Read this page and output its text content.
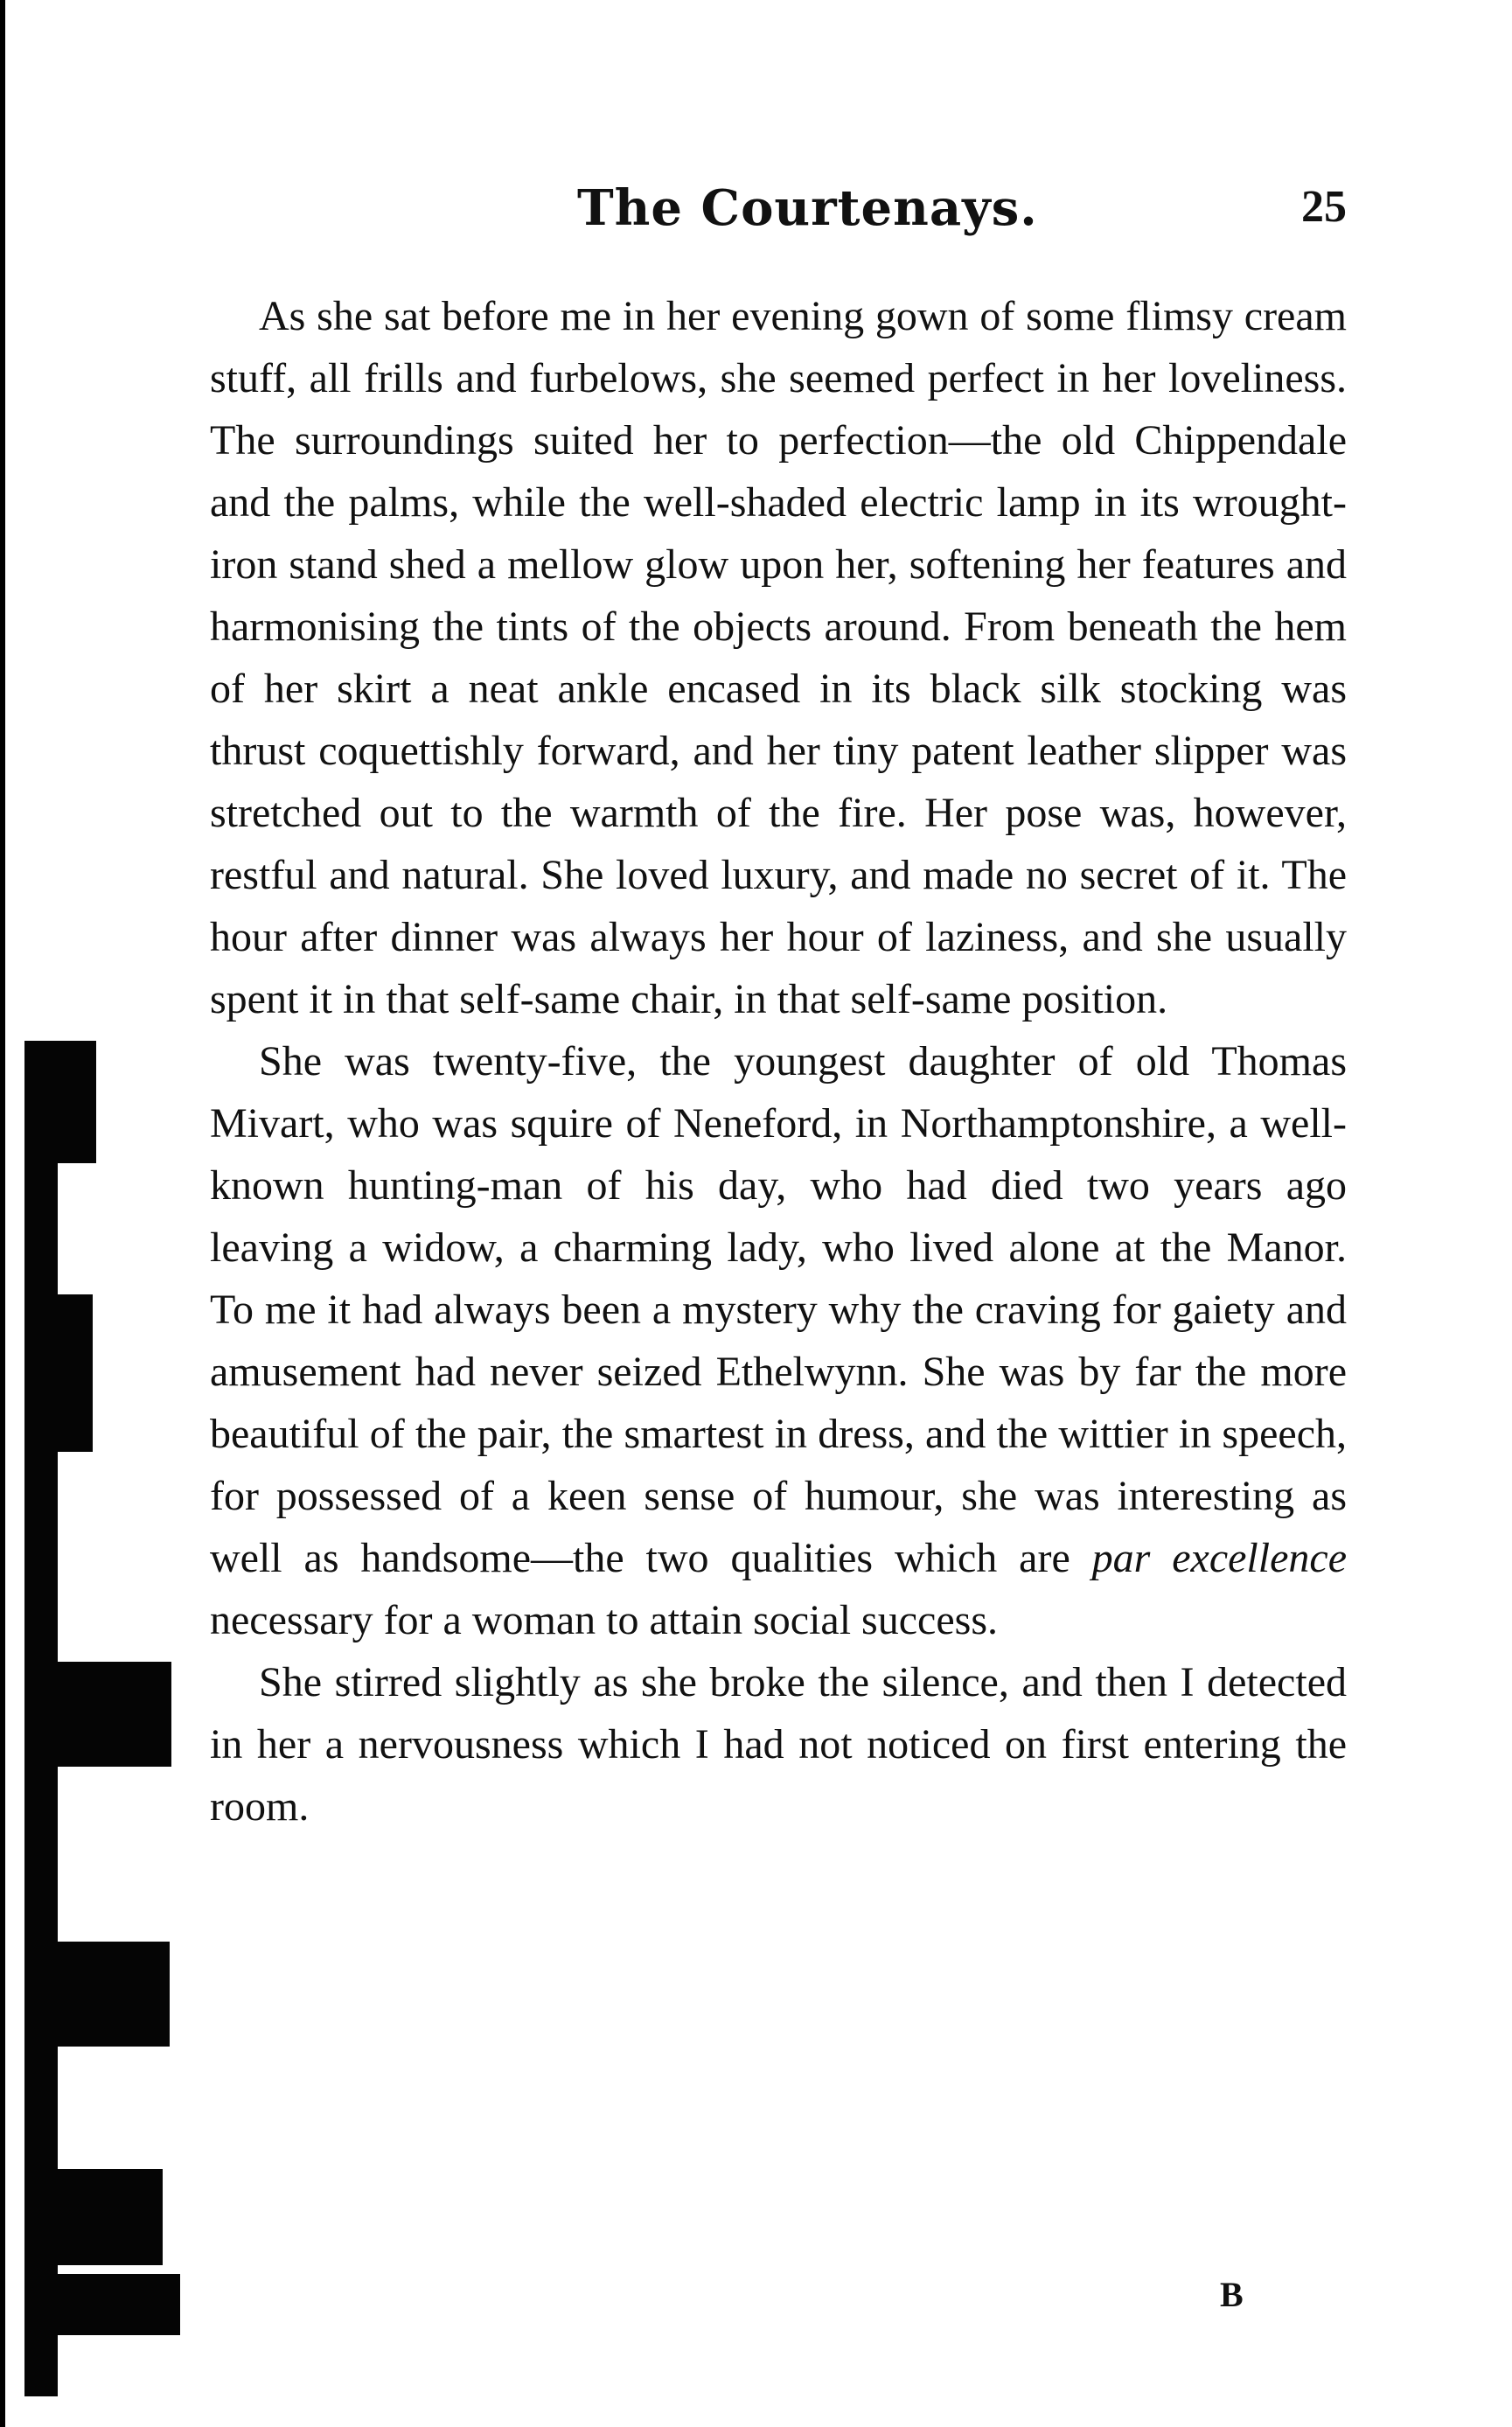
The Courtenays.	25

As she sat before me in her evening gown of some flimsy cream stuff, all frills and furbelows, she seemed perfect in her loveliness. The surroundings suited her to perfection—the old Chippendale and the palms, while the well-shaded electric lamp in its wrought-iron stand shed a mellow glow upon her, softening her features and harmonising the tints of the objects around. From beneath the hem of her skirt a neat ankle encased in its black silk stocking was thrust coquettishly forward, and her tiny patent leather slipper was stretched out to the warmth of the fire. Her pose was, however, restful and natural. She loved luxury, and made no secret of it. The hour after dinner was always her hour of laziness, and she usually spent it in that self-same chair, in that self-same position.

She was twenty-five, the youngest daughter of old Thomas Mivart, who was squire of Neneford, in Northamptonshire, a well-known hunting-man of his day, who had died two years ago leaving a widow, a charming lady, who lived alone at the Manor. To me it had always been a mystery why the craving for gaiety and amusement had never seized Ethelwynn. She was by far the more beautiful of the pair, the smartest in dress, and the wittier in speech, for possessed of a keen sense of humour, she was interesting as well as handsome—the two qualities which are par excellence necessary for a woman to attain social success.

She stirred slightly as she broke the silence, and then I detected in her a nervousness which I had not noticed on first entering the room.

B
